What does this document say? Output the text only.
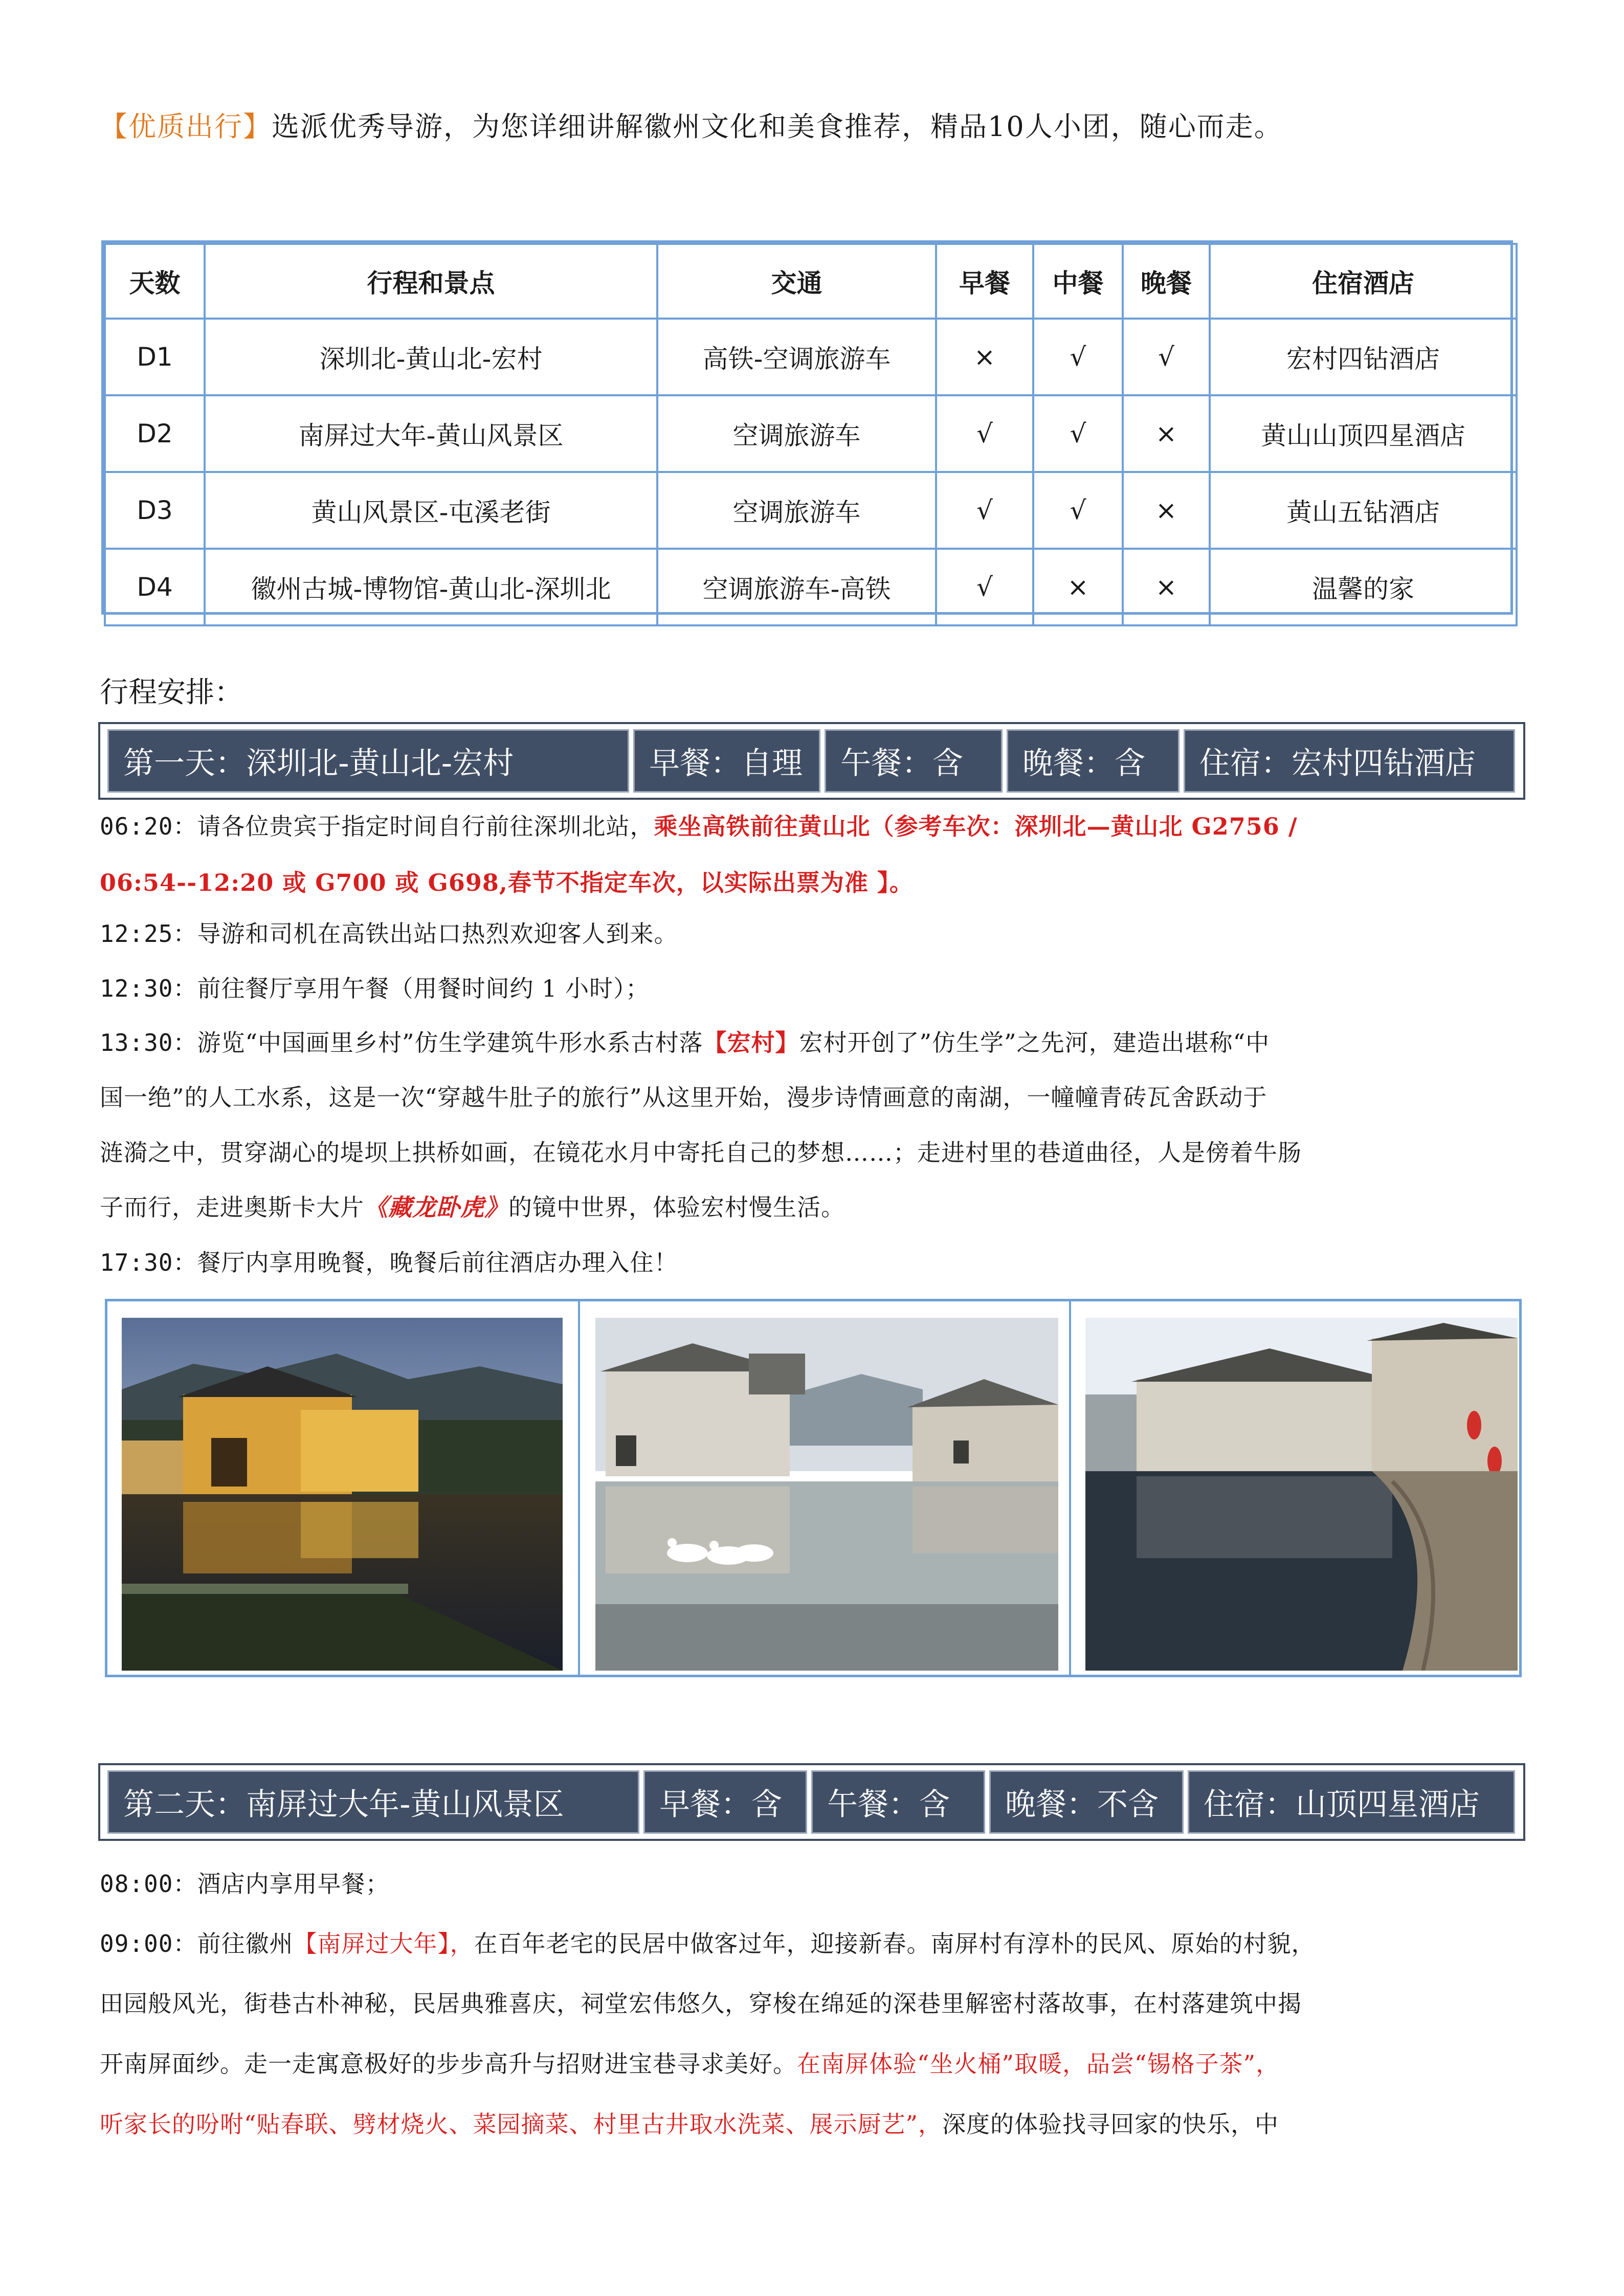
【优质出行】选派优秀导游，为您详细讲解徽州文化和美食推荐，精品10人小团，随心而走。
天数	行程和景点	交通	早餐	中餐	晚餐	住宿酒店
D1	深圳北-黄山北-宏村	高铁-空调旅游车	×	√	√	宏村四钻酒店
D2	南屏过大年-黄山风景区	空调旅游车	√	√	×	黄山山顶四星酒店
D3	黄山风景区-屯溪老街	空调旅游车	√	√	×	黄山五钻酒店
D4	徽州古城-博物馆-黄山北-深圳北	空调旅游车-高铁	√	×	×	温馨的家
行程安排：
第一天：深圳北-黄山北-宏村	早餐：自理	午餐：含	晚餐：含	住宿：宏村四钻酒店
06:20：请各位贵宾于指定时间自行前往深圳北站，乘坐高铁前往黄山北（参考车次：深圳北—黄山北 G2756 /
06:54--12:20 或 G700 或 G698,春节不指定车次，以实际出票为准 】。
12:25：导游和司机在高铁出站口热烈欢迎客人到来。
12:30：前往餐厅享用午餐（用餐时间约 1 小时）；
13:30：游览“中国画里乡村”仿生学建筑牛形水系古村落【宏村】宏村开创了”仿生学”之先河，建造出堪称“中
国一绝”的人工水系，这是一次“穿越牛肚子的旅行”从这里开始，漫步诗情画意的南湖，一幢幢青砖瓦舍跃动于
涟漪之中，贯穿湖心的堤坝上拱桥如画，在镜花水月中寄托自己的梦想……；走进村里的巷道曲径，人是傍着牛肠
子而行，走进奥斯卡大片《藏龙卧虎》的镜中世界，体验宏村慢生活。
17:30：餐厅内享用晚餐，晚餐后前往酒店办理入住！
第二天：南屏过大年-黄山风景区	早餐：含	午餐：含	晚餐：不含	住宿：山顶四星酒店
08:00：酒店内享用早餐；
09:00：前往徽州【南屏过大年】，在百年老宅的民居中做客过年，迎接新春。南屏村有淳朴的民风、原始的村貌，
田园般风光，街巷古朴神秘，民居典雅喜庆，祠堂宏伟悠久，穿梭在绵延的深巷里解密村落故事，在村落建筑中揭
开南屏面纱。走一走寓意极好的步步高升与招财进宝巷寻求美好。在南屏体验“坐火桶”取暖，品尝“锡格子茶”，
听家长的吩咐“贴春联、劈材烧火、菜园摘菜、村里古井取水洗菜、展示厨艺”，深度的体验找寻回家的快乐，中
